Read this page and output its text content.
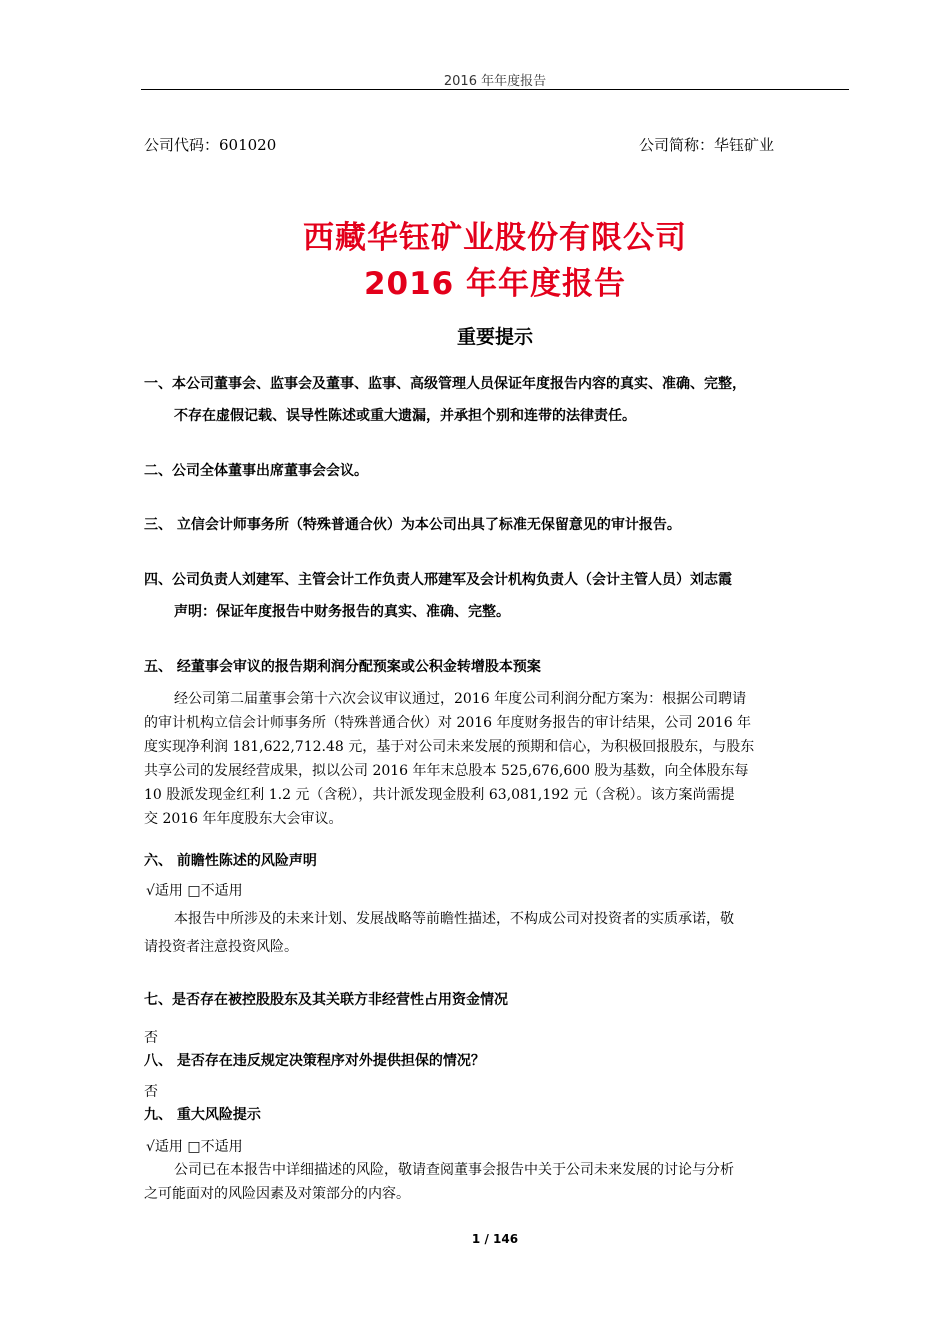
2016 年年度报告
公司代码：601020	公司简称：华钰矿业
西藏华钰矿业股份有限公司
2016 年年度报告
重要提示
一、本公司董事会、监事会及董事、监事、高级管理人员保证年度报告内容的真实、准确、完整，
不存在虚假记载、误导性陈述或重大遗漏，并承担个别和连带的法律责任。
二、公司全体董事出席董事会会议。
三、 立信会计师事务所（特殊普通合伙）为本公司出具了标准无保留意见的审计报告。
四、公司负责人刘建军、主管会计工作负责人邢建军及会计机构负责人（会计主管人员）刘志霞
声明：保证年度报告中财务报告的真实、准确、完整。
五、 经董事会审议的报告期利润分配预案或公积金转增股本预案
经公司第二届董事会第十六次会议审议通过，2016 年度公司利润分配方案为：根据公司聘请
的审计机构立信会计师事务所（特殊普通合伙）对 2016 年度财务报告的审计结果，公司 2016 年
度实现净利润 181,622,712.48 元，基于对公司未来发展的预期和信心，为积极回报股东，与股东
共享公司的发展经营成果，拟以公司 2016 年年末总股本 525,676,600 股为基数，向全体股东每
10 股派发现金红利 1.2 元（含税），共计派发现金股利 63,081,192 元（含税）。该方案尚需提
交 2016 年年度股东大会审议。
六、 前瞻性陈述的风险声明
√适用 □不适用
本报告中所涉及的未来计划、发展战略等前瞻性描述，不构成公司对投资者的实质承诺，敬
请投资者注意投资风险。
七、是否存在被控股股东及其关联方非经营性占用资金情况
否
八、 是否存在违反规定决策程序对外提供担保的情况？
否
九、 重大风险提示
√适用 □不适用
公司已在本报告中详细描述的风险，敬请查阅董事会报告中关于公司未来发展的讨论与分析
之可能面对的风险因素及对策部分的内容。
1 / 146
